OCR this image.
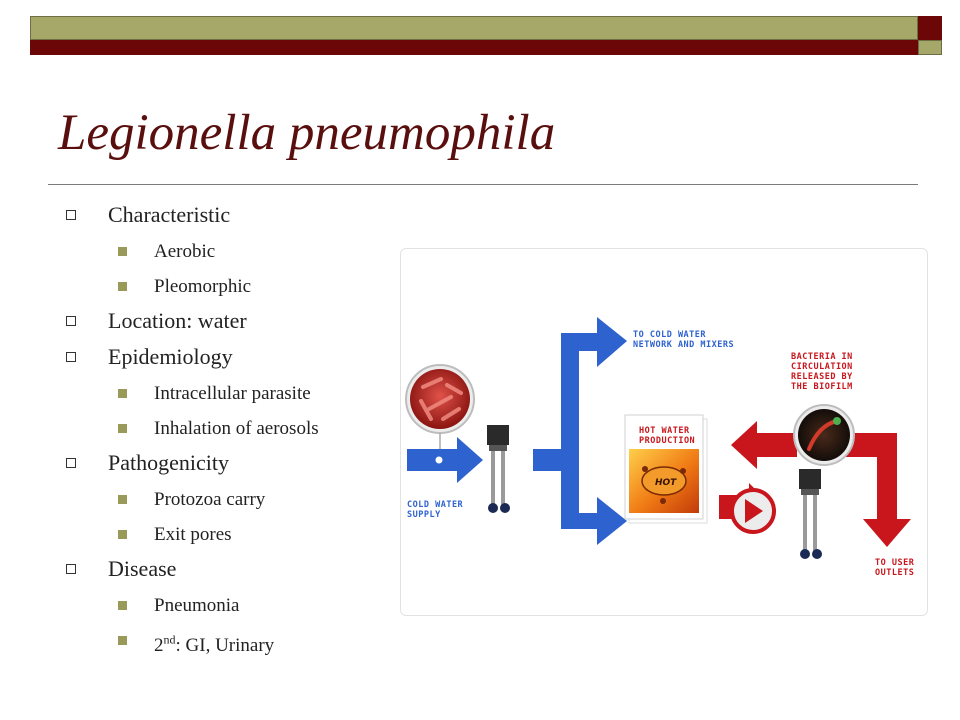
Legionella pneumophila
Characteristic
Aerobic
Pleomorphic
Location: water
Epidemiology
Intracellular parasite
Inhalation of aerosols
Pathogenicity
Protozoa carry
Exit pores
Disease
Pneumonia
2nd: GI, Urinary
TO COLD WATER
NETWORK AND MIXERS
BACTERIA IN
CIRCULATION
RELEASED BY
THE BIOFILM
HOT WATER
PRODUCTION
HOT
COLD WATER
SUPPLY
TO USER
OUTLETS
